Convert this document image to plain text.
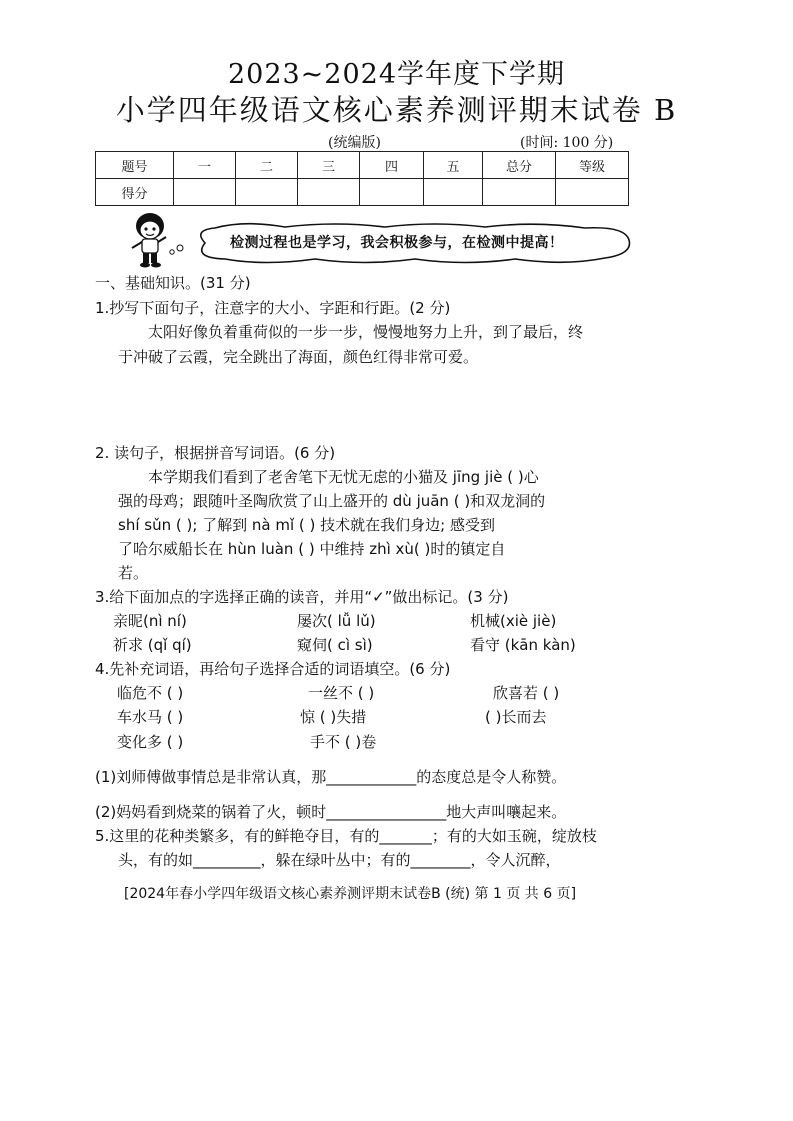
2023~2024学年度下学期
小学四年级语文核心素养测评期末试卷 B
(统编版)	(时间: 100 分)
题号	一	二	三	四	五	总分	等级
得分							
检测过程也是学习，我会积极参与，在检测中提高！
一、基础知识。(31 分)
1.抄写下面句子，注意字的大小、字距和行距。(2 分)
太阳好像负着重荷似的一步一步，慢慢地努力上升，到了最后，终
于冲破了云霞，完全跳出了海面，颜色红得非常可爱。
2. 读句子，根据拼音写词语。(6 分)
本学期我们看到了老舍笔下无忧无虑的小猫及 jīng jiè ( )心
强的母鸡；跟随叶圣陶欣赏了山上盛开的 dù juān ( )和双龙洞的
shí sǔn ( ); 了解到 nà mǐ ( ) 技术就在我们身边; 感受到
了哈尔威船长在 hùn luàn ( ) 中维持 zhì xù( )时的镇定自
若。
3.给下面加点的字选择正确的读音，并用“✓”做出标记。(3 分)
亲昵(nì ní)	屡次( lǚ lǔ)	机械(xiè jiè)
祈求 (qǐ qí)	窥伺( cì sì)	看守 (kān kàn)
4.先补充词语，再给句子选择合适的词语填空。(6 分)
临危不 ( )	一丝不 ( )	欣喜若 ( )
车水马 ( )	惊 ( )失措	( )长而去
变化多 ( )	手不 ( )卷
(1)刘师傅做事情总是非常认真，那____________的态度总是令人称赞。
(2)妈妈看到烧菜的锅着了火，顿时________________地大声叫嚷起来。
5.这里的花种类繁多，有的鲜艳夺目，有的_______；有的大如玉碗，绽放枝
头，有的如_________，躲在绿叶丛中；有的________，令人沉醉，
[2024年春小学四年级语文核心素养测评期末试卷B (统) 第 1 页 共 6 页]
